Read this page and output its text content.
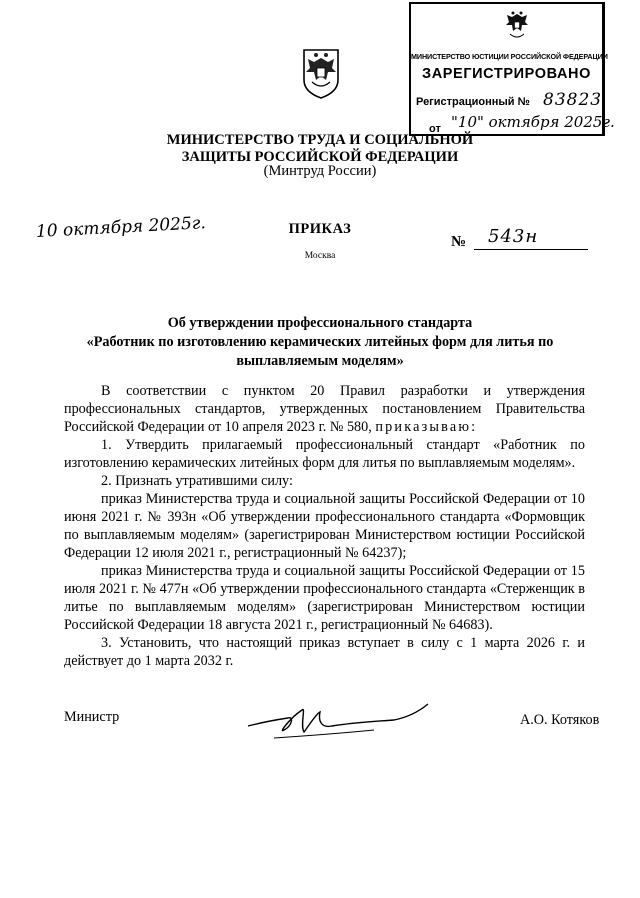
МИНИСТЕРСТВО ЮСТИЦИИ РОССИЙСКОЙ ФЕДЕРАЦИИ
ЗАРЕГИСТРИРОВАНО
Регистрационный № 83823
от "10" октября 2025г.
МИНИСТЕРСТВО ТРУДА И СОЦИАЛЬНОЙ ЗАЩИТЫ РОССИЙСКОЙ ФЕДЕРАЦИИ
(Минтруд России)
10 октября 2025г.	ПРИКАЗ
Москва
№ 543н
Об утверждении профессионального стандарта
«Работник по изготовлению керамических литейных форм для литья по
выплавляемым моделям»

В соответствии с пунктом 20 Правил разработки и утверждения профессиональных стандартов, утвержденных постановлением Правительства Российской Федерации от 10 апреля 2023 г. № 580, приказываю:

1. Утвердить прилагаемый профессиональный стандарт «Работник по изготовлению керамических литейных форм для литья по выплавляемым моделям».

2. Признать утратившими силу:

приказ Министерства труда и социальной защиты Российской Федерации от 10 июня 2021 г. № 393н «Об утверждении профессионального стандарта «Формовщик по выплавляемым моделям» (зарегистрирован Министерством юстиции Российской Федерации 12 июля 2021 г., регистрационный № 64237);

приказ Министерства труда и социальной защиты Российской Федерации от 15 июля 2021 г. № 477н «Об утверждении профессионального стандарта «Стерженщик в литье по выплавляемым моделям» (зарегистрирован Министерством юстиции Российской Федерации 18 августа 2021 г., регистрационный № 64683).

3. Установить, что настоящий приказ вступает в силу с 1 марта 2026 г. и действует до 1 марта 2032 г.

Министр	А.О. Котяков
